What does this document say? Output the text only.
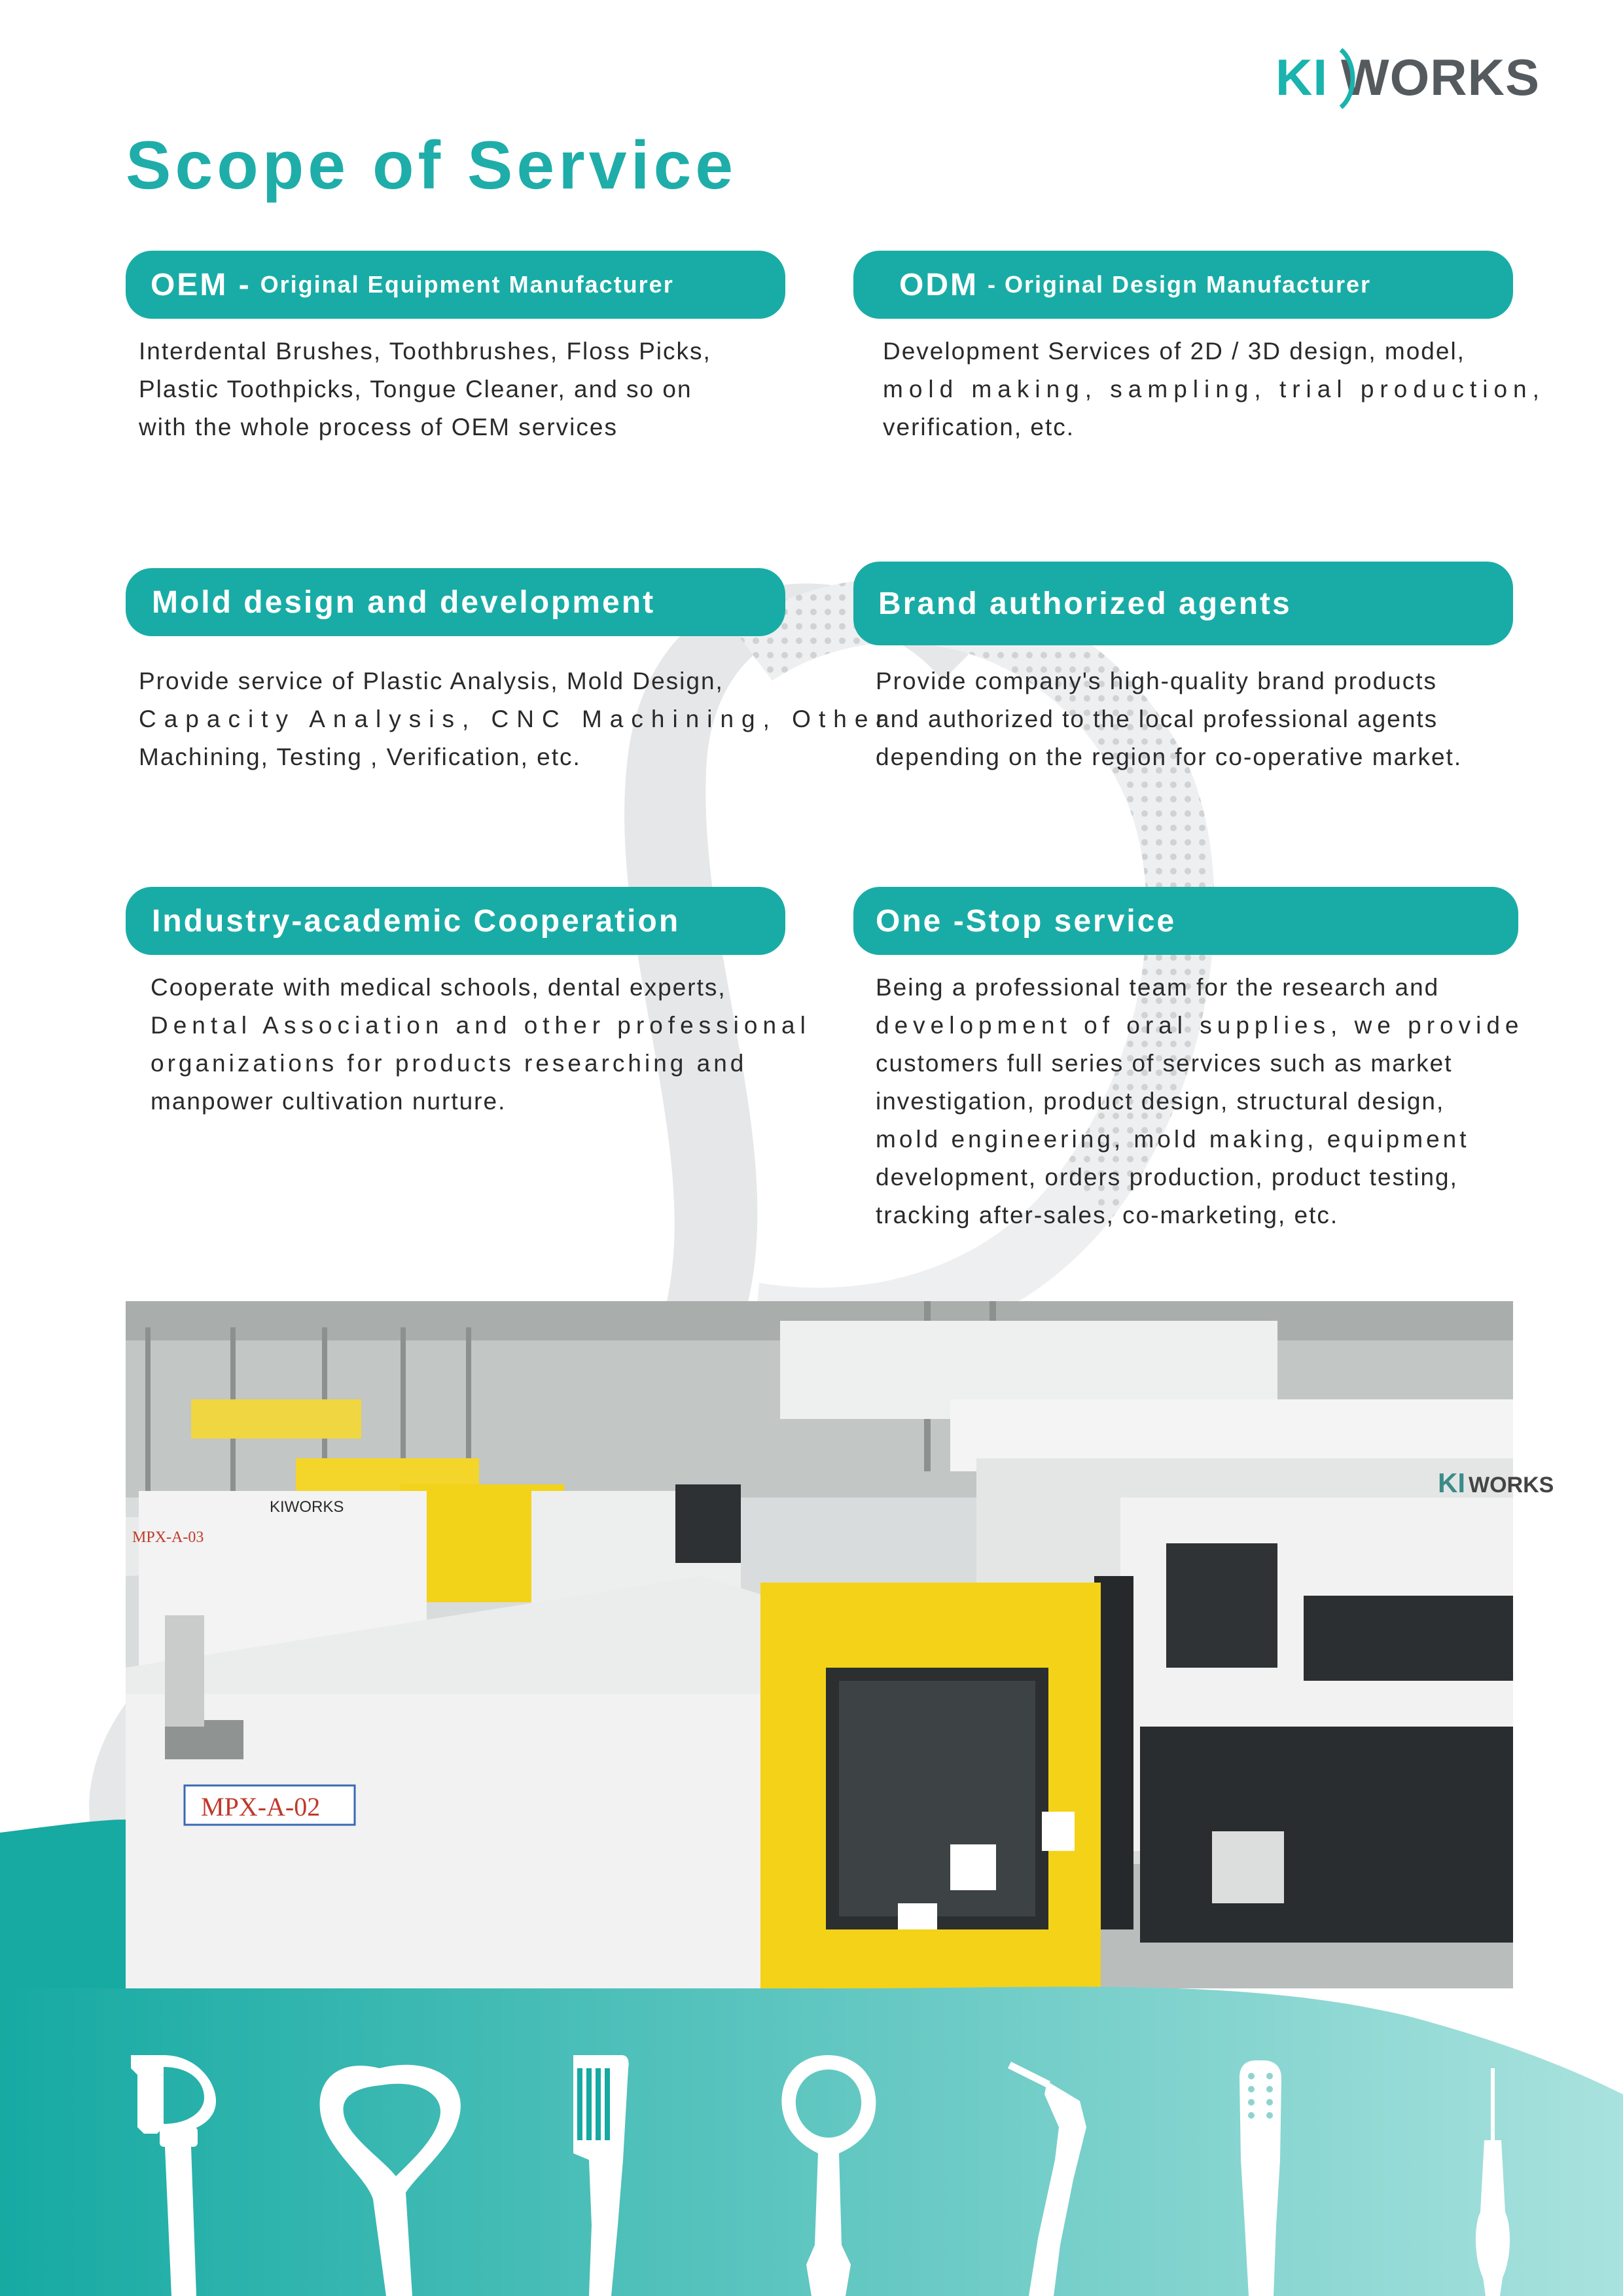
KI WORKS
Scope of Service
OEM - Original Equipment Manufacturer

Interdental Brushes, Toothbrushes, Floss Picks,
Plastic Toothpicks, Tongue Cleaner, and so on
with the whole process of OEM services

ODM - Original Design Manufacturer

Development Services of 2D / 3D design, model,
mold making, sampling, trial production,
verification, etc.

Mold design and development

Provide service of Plastic Analysis, Mold Design,
Capacity Analysis, CNC Machining, Other
Machining, Testing , Verification, etc.

Brand authorized agents

Provide company's high-quality brand products
and authorized to the local professional agents
depending on the region for co-operative market.

Industry-academic Cooperation

Cooperate with medical schools, dental experts,
Dental Association and other professional
organizations for products researching and
manpower cultivation nurture.

One -Stop service

Being a professional team for the research and
development of oral supplies, we provide
customers full series of services such as market
investigation, product design, structural design,
mold engineering, mold making, equipment
development, orders production, product testing,
tracking after-sales, co-marketing, etc.

KIWORKS
MPX-A-03
MPX-A-02
KI WORKS
